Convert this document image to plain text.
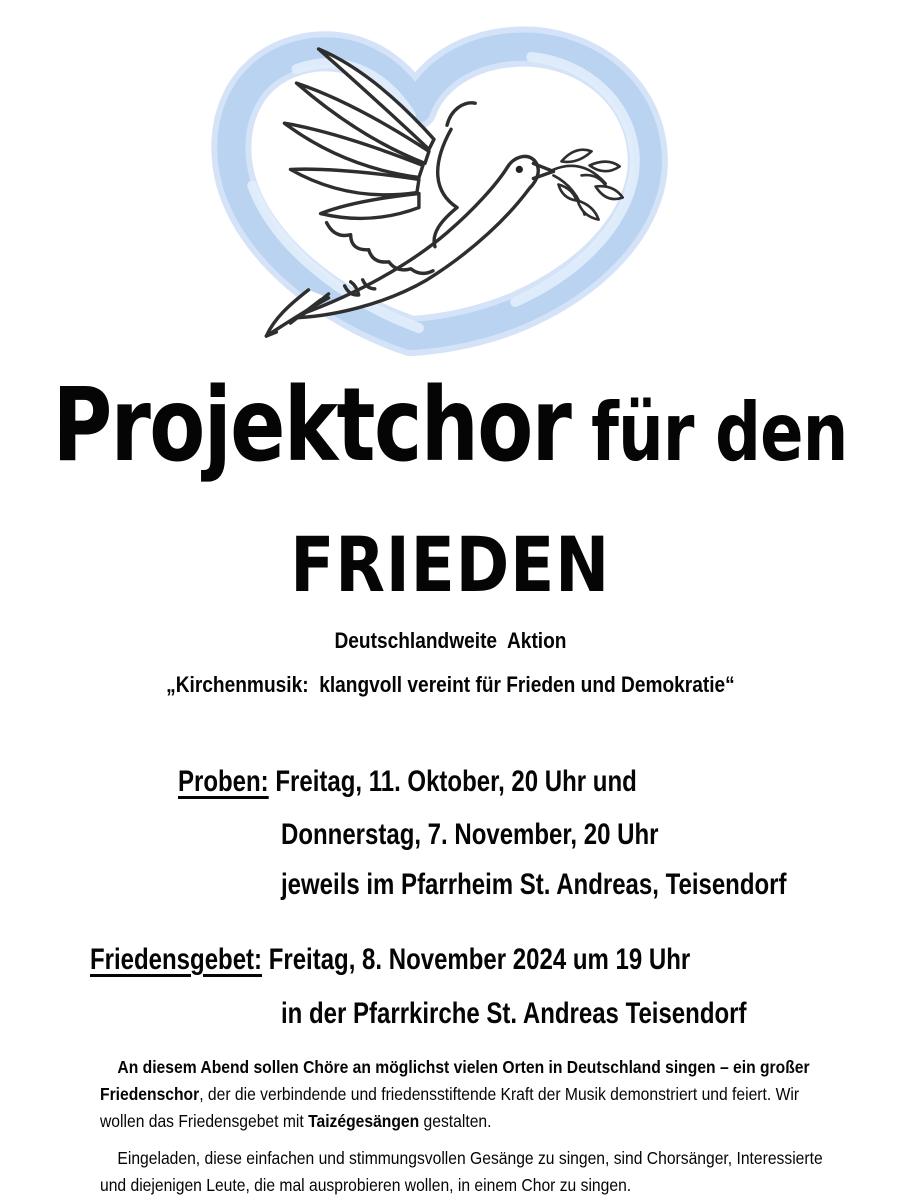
Projektchor für den
FRIEDEN
Deutschlandweite  Aktion
„Kirchenmusik:  klangvoll vereint für Frieden und Demokratie“

Proben: Freitag, 11. Oktober, 20 Uhr und

Donnerstag, 7. November, 20 Uhr

jeweils im Pfarrheim St. Andreas, Teisendorf

Friedensgebet: Freitag, 8. November 2024 um 19 Uhr

in der Pfarrkirche St. Andreas Teisendorf

An diesem Abend sollen Chöre an möglichst vielen Orten in Deutschland singen – ein großer Friedenschor, der die verbindende und friedensstiftende Kraft der Musik demonstriert und feiert. Wir wollen das Friedensgebet mit Taizégesängen gestalten.

Eingeladen, diese einfachen und stimmungsvollen Gesänge zu singen, sind Chorsänger, Interessierte und diejenigen Leute, die mal ausprobieren wollen, in einem Chor zu singen.
